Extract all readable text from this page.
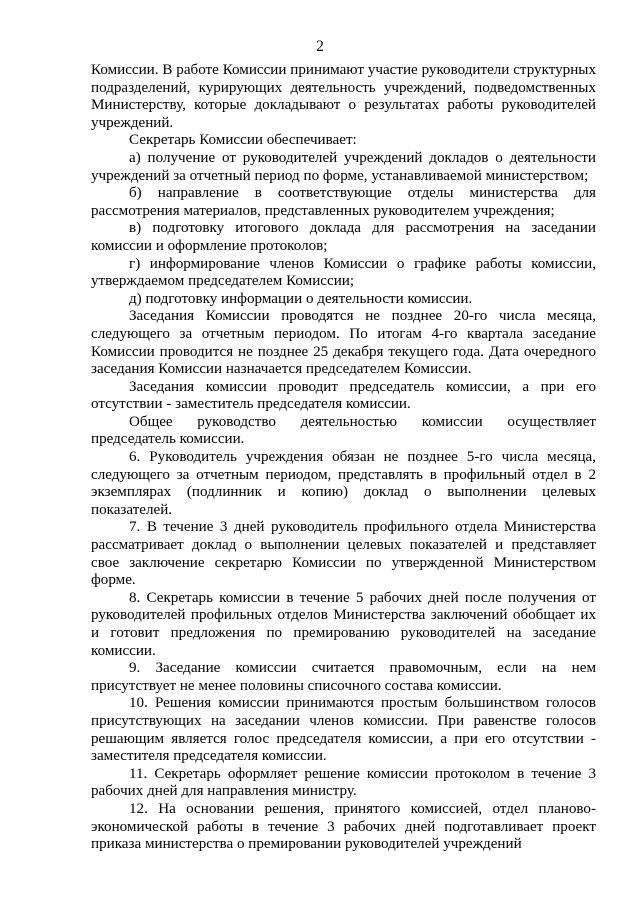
2

Комиссии. В работе Комиссии принимают участие руководители структурных подразделений, курирующих деятельность учреждений, подведомственных Министерству, которые докладывают о результатах работы руководителей учреждений.

Секретарь Комиссии обеспечивает:

а) получение от руководителей учреждений докладов о деятельности учреждений за отчетный период по форме, устанавливаемой министерством;

б) направление в соответствующие отделы министерства для рассмотрения материалов, представленных руководителем учреждения;

в) подготовку итогового доклада для рассмотрения на заседании комиссии и оформление протоколов;

г) информирование членов Комиссии о графике работы комиссии, утверждаемом председателем Комиссии;

д) подготовку информации о деятельности комиссии.

Заседания Комиссии проводятся не позднее 20-го числа месяца, следующего за отчетным периодом. По итогам 4-го квартала заседание Комиссии проводится не позднее 25 декабря текущего года. Дата очередного заседания Комиссии назначается председателем Комиссии.

Заседания комиссии проводит председатель комиссии, а при его отсутствии - заместитель председателя комиссии.

Общее руководство деятельностью комиссии осуществляет председатель комиссии.

6. Руководитель учреждения обязан не позднее 5-го числа месяца, следующего за отчетным периодом, представлять в профильный отдел в 2 экземплярах (подлинник и копию) доклад о выполнении целевых показателей.

7. В течение 3 дней руководитель профильного отдела Министерства рассматривает доклад о выполнении целевых показателей и представляет свое заключение секретарю Комиссии по утвержденной Министерством форме.

8. Секретарь комиссии в течение 5 рабочих дней после получения от руководителей профильных отделов Министерства заключений обобщает их и готовит предложения по премированию руководителей на заседание комиссии.

9. Заседание комиссии считается правомочным, если на нем присутствует не менее половины списочного состава комиссии.

10. Решения комиссии принимаются простым большинством голосов присутствующих на заседании членов комиссии. При равенстве голосов решающим является голос председателя комиссии, а при его отсутствии - заместителя председателя комиссии.

11. Секретарь оформляет решение комиссии протоколом в течение 3 рабочих дней для направления министру.

12. На основании решения, принятого комиссией, отдел планово-экономической работы в течение 3 рабочих дней подготавливает проект приказа министерства о премировании руководителей учреждений
